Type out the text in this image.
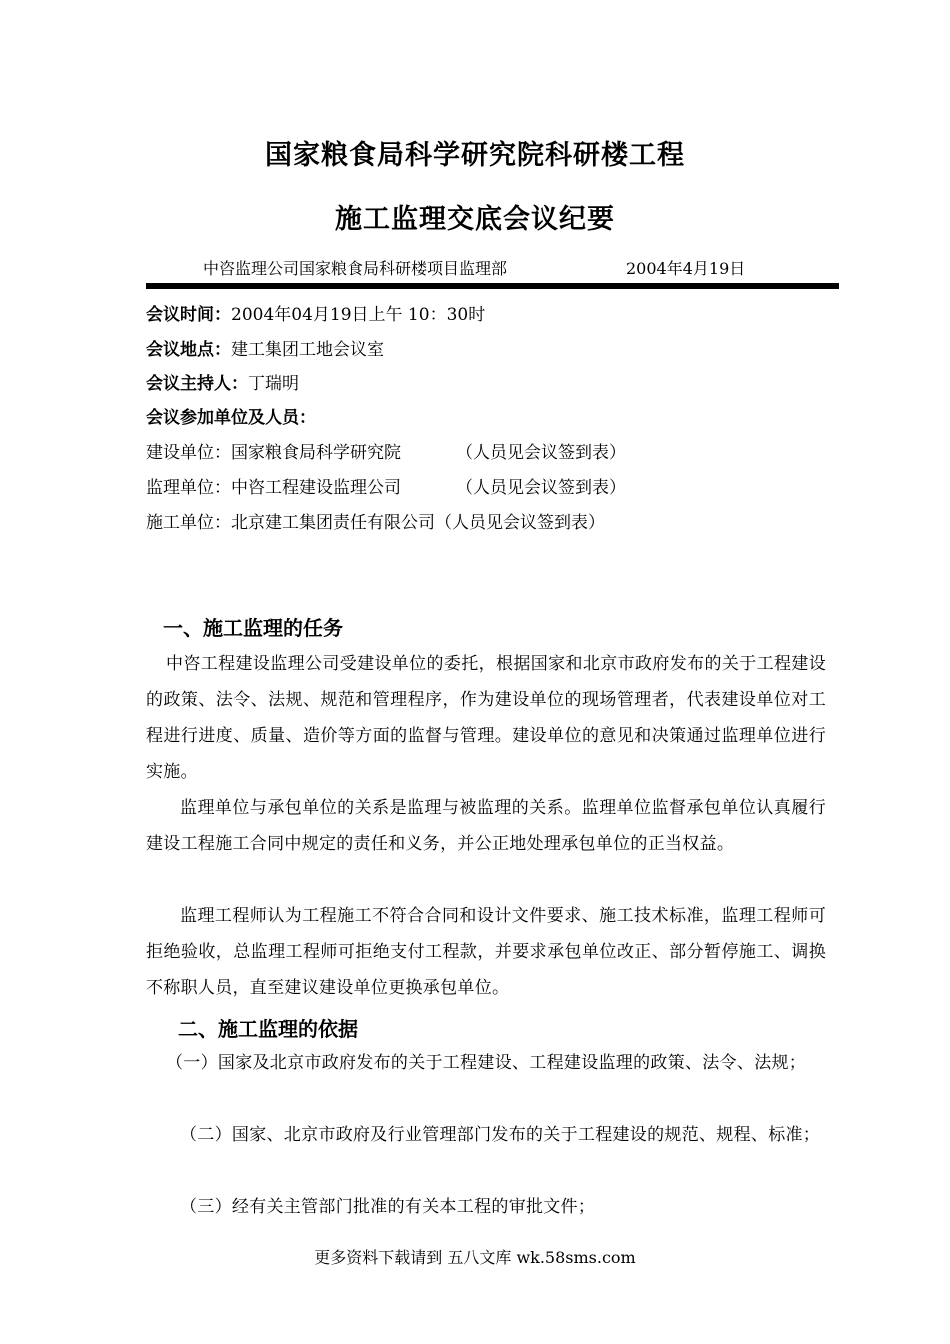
国家粮食局科学研究院科研楼工程
施工监理交底会议纪要
中咨监理公司国家粮食局科研楼项目监理部	2004年4月19日
会议时间：2004年04月19日上午 10：30时
会议地点：建工集团工地会议室
会议主持人：丁瑞明
会议参加单位及人员：
建设单位：国家粮食局科学研究院	（人员见会议签到表）
监理单位：中咨工程建设监理公司	（人员见会议签到表）
施工单位：北京建工集团责任有限公司（人员见会议签到表）
一、施工监理的任务
中咨工程建设监理公司受建设单位的委托，根据国家和北京市政府发布的关于工程建设的政策、法令、法规、规范和管理程序，作为建设单位的现场管理者，代表建设单位对工程进行进度、质量、造价等方面的监督与管理。建设单位的意见和决策通过监理单位进行实施。
监理单位与承包单位的关系是监理与被监理的关系。监理单位监督承包单位认真履行建设工程施工合同中规定的责任和义务，并公正地处理承包单位的正当权益。
监理工程师认为工程施工不符合合同和设计文件要求、施工技术标准，监理工程师可拒绝验收，总监理工程师可拒绝支付工程款，并要求承包单位改正、部分暂停施工、调换不称职人员，直至建议建设单位更换承包单位。
二、施工监理的依据
（一）国家及北京市政府发布的关于工程建设、工程建设监理的政策、法令、法规；
（二）国家、北京市政府及行业管理部门发布的关于工程建设的规范、规程、标准；
（三）经有关主管部门批准的有关本工程的审批文件；
更多资料下载请到 五八文库 wk.58sms.com
